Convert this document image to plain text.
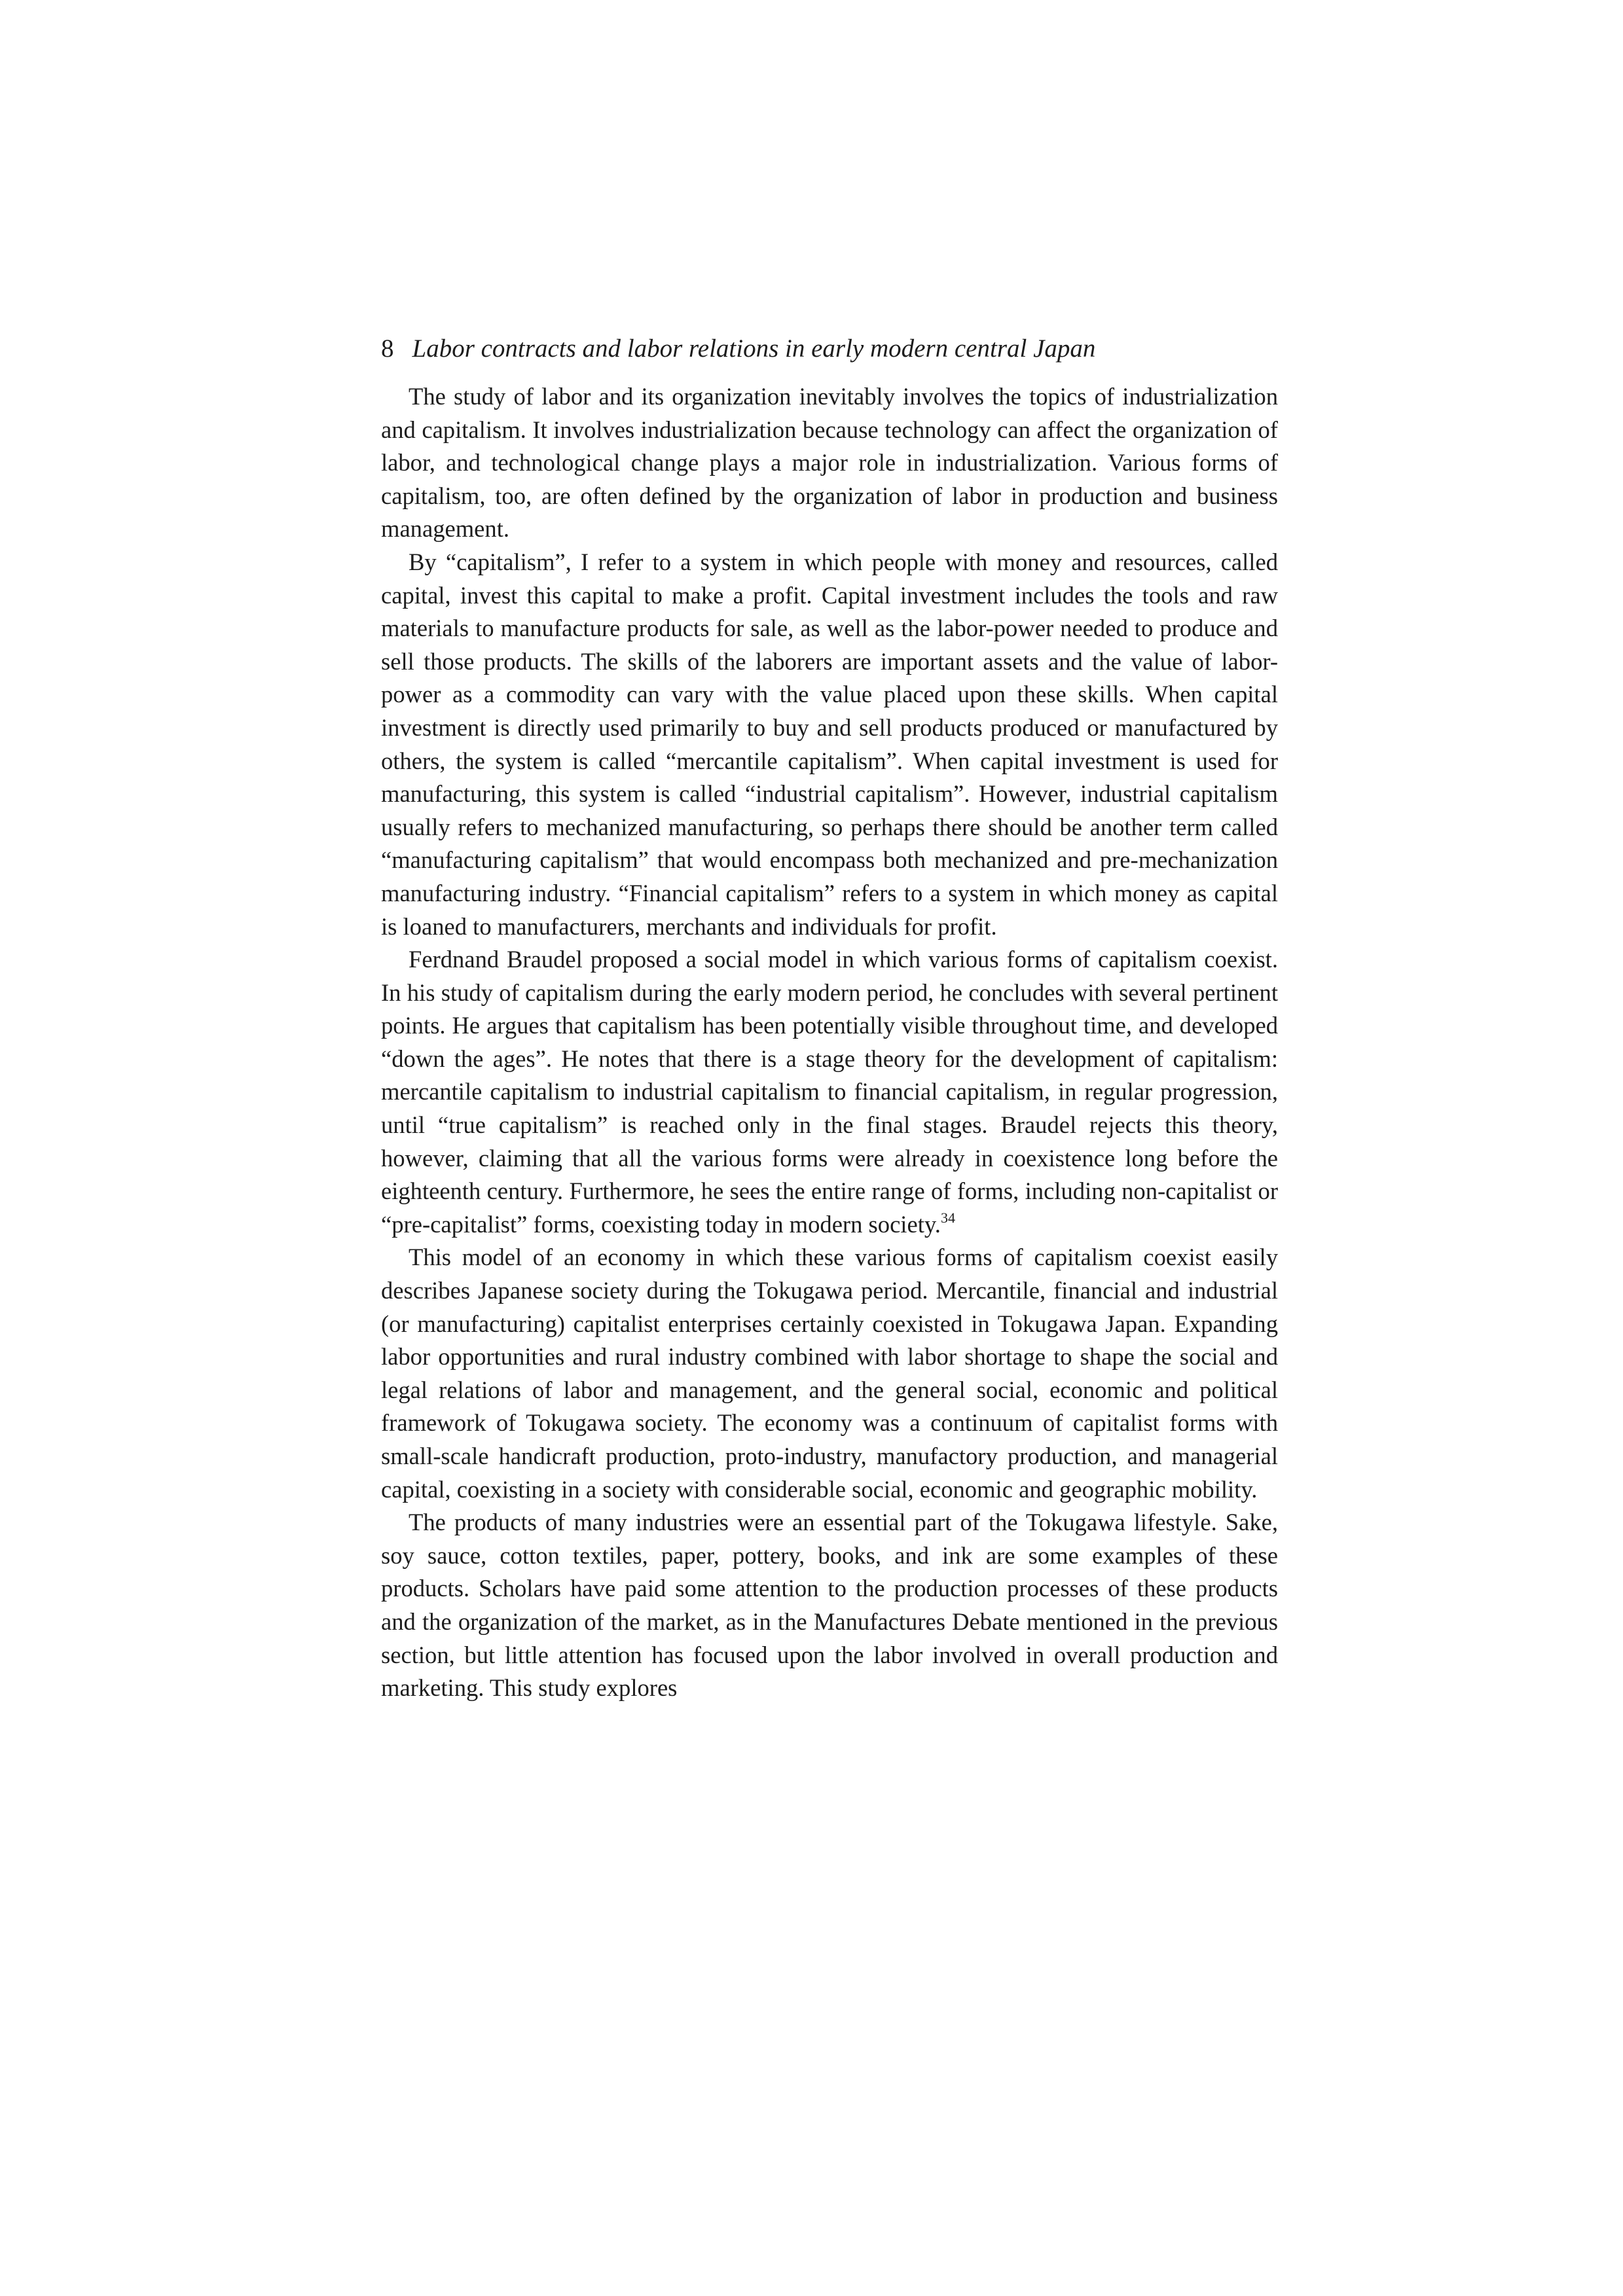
8 Labor contracts and labor relations in early modern central Japan

The study of labor and its organization inevitably involves the topics of industrialization and capitalism. It involves industrialization because technology can affect the organization of labor, and technological change plays a major role in industrialization. Various forms of capitalism, too, are often defined by the organization of labor in production and business management.

By “capitalism”, I refer to a system in which people with money and resources, called capital, invest this capital to make a profit. Capital investment includes the tools and raw materials to manufacture products for sale, as well as the labor-power needed to produce and sell those products. The skills of the laborers are important assets and the value of labor-power as a commodity can vary with the value placed upon these skills. When capital investment is directly used primarily to buy and sell products produced or manufactured by others, the system is called “mercantile capitalism”. When capital investment is used for manufacturing, this system is called “industrial capitalism”. However, industrial capitalism usually refers to mechanized manufacturing, so perhaps there should be another term called “manufacturing capitalism” that would encompass both mechanized and pre-mechanization manufacturing industry. “Financial capitalism” refers to a system in which money as capital is loaned to manufacturers, merchants and individuals for profit.

Ferdnand Braudel proposed a social model in which various forms of capitalism coexist. In his study of capitalism during the early modern period, he concludes with several pertinent points. He argues that capitalism has been potentially visible throughout time, and developed “down the ages”. He notes that there is a stage theory for the development of capitalism: mercantile capitalism to industrial capitalism to financial capitalism, in regular progression, until “true capitalism” is reached only in the final stages. Braudel rejects this theory, however, claiming that all the various forms were already in coexistence long before the eighteenth century. Furthermore, he sees the entire range of forms, including non-capitalist or “pre-capitalist” forms, coexisting today in modern society.$^{34}$

This model of an economy in which these various forms of capitalism coexist easily describes Japanese society during the Tokugawa period. Mercantile, financial and industrial (or manufacturing) capitalist enterprises certainly coexisted in Tokugawa Japan. Expanding labor opportunities and rural industry combined with labor shortage to shape the social and legal relations of labor and management, and the general social, economic and political framework of Tokugawa society. The economy was a continuum of capitalist forms with small-scale handicraft production, proto-industry, manufactory production, and managerial capital, coexisting in a society with considerable social, economic and geographic mobility.

The products of many industries were an essential part of the Tokugawa lifestyle. Sake, soy sauce, cotton textiles, paper, pottery, books, and ink are some examples of these products. Scholars have paid some attention to the production processes of these products and the organization of the market, as in the Manufactures Debate mentioned in the previous section, but little attention has focused upon the labor involved in overall production and marketing. This study explores
